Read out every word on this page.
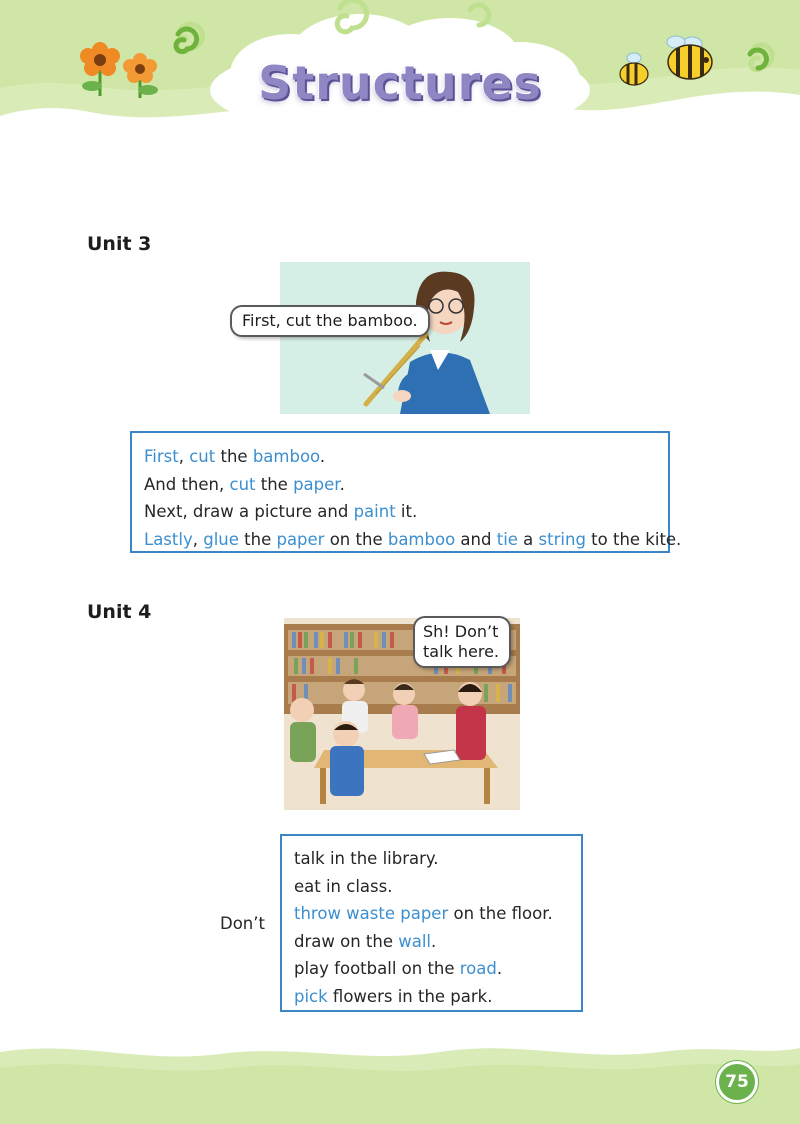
Structures
Unit 3
First, cut the bamboo.
First, cut the bamboo.
And then, cut the paper.
Next, draw a picture and paint it.
Lastly, glue the paper on the bamboo and tie a string to the kite.
Unit 4
Sh! Don’t
talk here.
Don’t
talk in the library.
eat in class.
throw waste paper on the floor.
draw on the wall.
play football on the road.
pick flowers in the park.
75
